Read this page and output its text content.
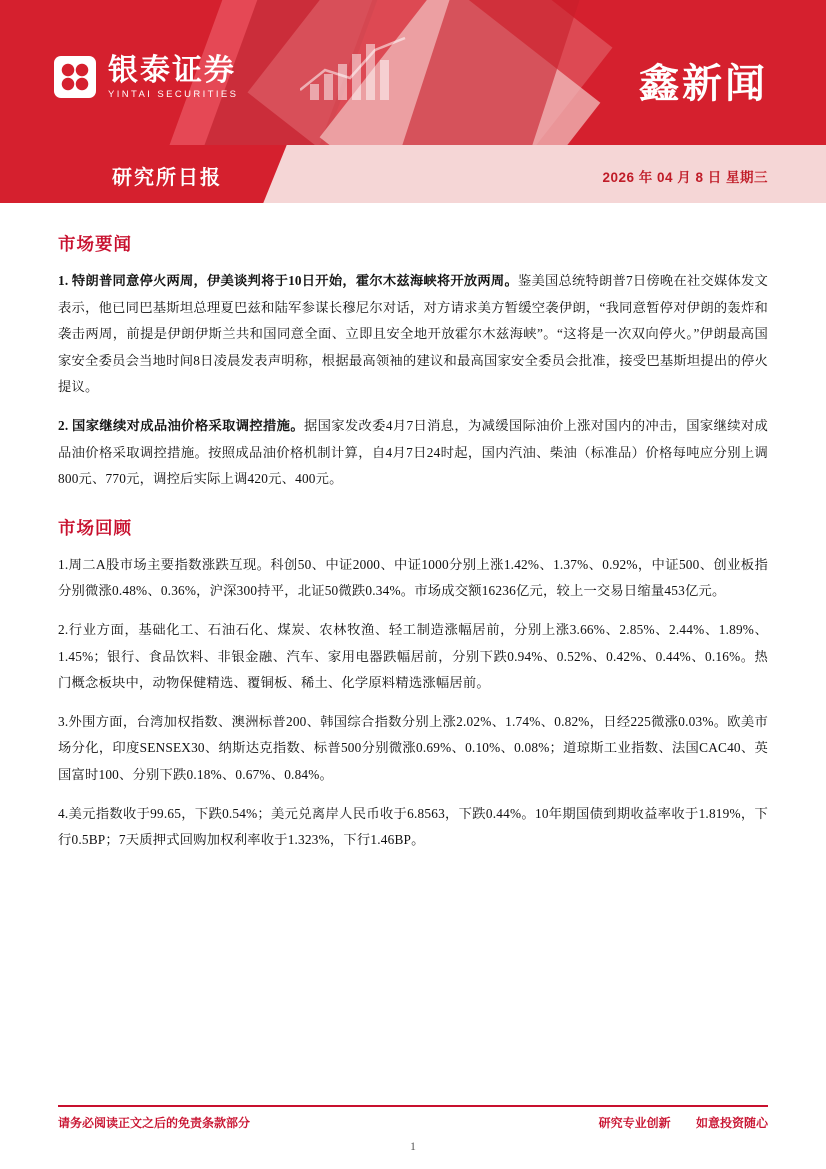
银泰证券
YINTAI SECURITIES	鑫新闻
研究所日报	2026 年 04 月 8 日 星期三
市场要闻

1. 特朗普同意停火两周，伊美谈判将于10日开始，霍尔木兹海峡将开放两周。鉴美国总统特朗普7日傍晚在社交媒体发文表示，他已同巴基斯坦总理夏巴兹和陆军参谋长穆尼尔对话，对方请求美方暂缓空袭伊朗，“我同意暂停对伊朗的轰炸和袭击两周，前提是伊朗伊斯兰共和国同意全面、立即且安全地开放霍尔木兹海峡”。“这将是一次双向停火。”伊朗最高国家安全委员会当地时间8日凌晨发表声明称，根据最高领袖的建议和最高国家安全委员会批准，接受巴基斯坦提出的停火提议。

2. 国家继续对成品油价格采取调控措施。据国家发改委4月7日消息，为减缓国际油价上涨对国内的冲击，国家继续对成品油价格采取调控措施。按照成品油价格机制计算，自4月7日24时起，国内汽油、柴油（标准品）价格每吨应分别上调800元、770元，调控后实际上调420元、400元。

市场回顾

1.周二A股市场主要指数涨跌互现。科创50、中证2000、中证1000分别上涨1.42%、1.37%、0.92%，中证500、创业板指分别微涨0.48%、0.36%，沪深300持平，北证50微跌0.34%。市场成交额16236亿元，较上一交易日缩量453亿元。

2.行业方面，基础化工、石油石化、煤炭、农林牧渔、轻工制造涨幅居前，分别上涨3.66%、2.85%、2.44%、1.89%、1.45%；银行、食品饮料、非银金融、汽车、家用电器跌幅居前，分别下跌0.94%、0.52%、0.42%、0.44%、0.16%。热门概念板块中，动物保健精选、覆铜板、稀土、化学原料精选涨幅居前。

3.外围方面，台湾加权指数、澳洲标普200、韩国综合指数分别上涨2.02%、1.74%、0.82%，日经225微涨0.03%。欧美市场分化，印度SENSEX30、纳斯达克指数、标普500分别微涨0.69%、0.10%、0.08%；道琼斯工业指数、法国CAC40、英国富时100、分别下跌0.18%、0.67%、0.84%。

4.美元指数收于99.65，下跌0.54%；美元兑离岸人民币收于6.8563，下跌0.44%。10年期国债到期收益率收于1.819%，下行0.5BP；7天质押式回购加权利率收于1.323%，下行1.46BP。

请务必阅读正文之后的免责条款部分	研究专业创新 如意投资随心
1
